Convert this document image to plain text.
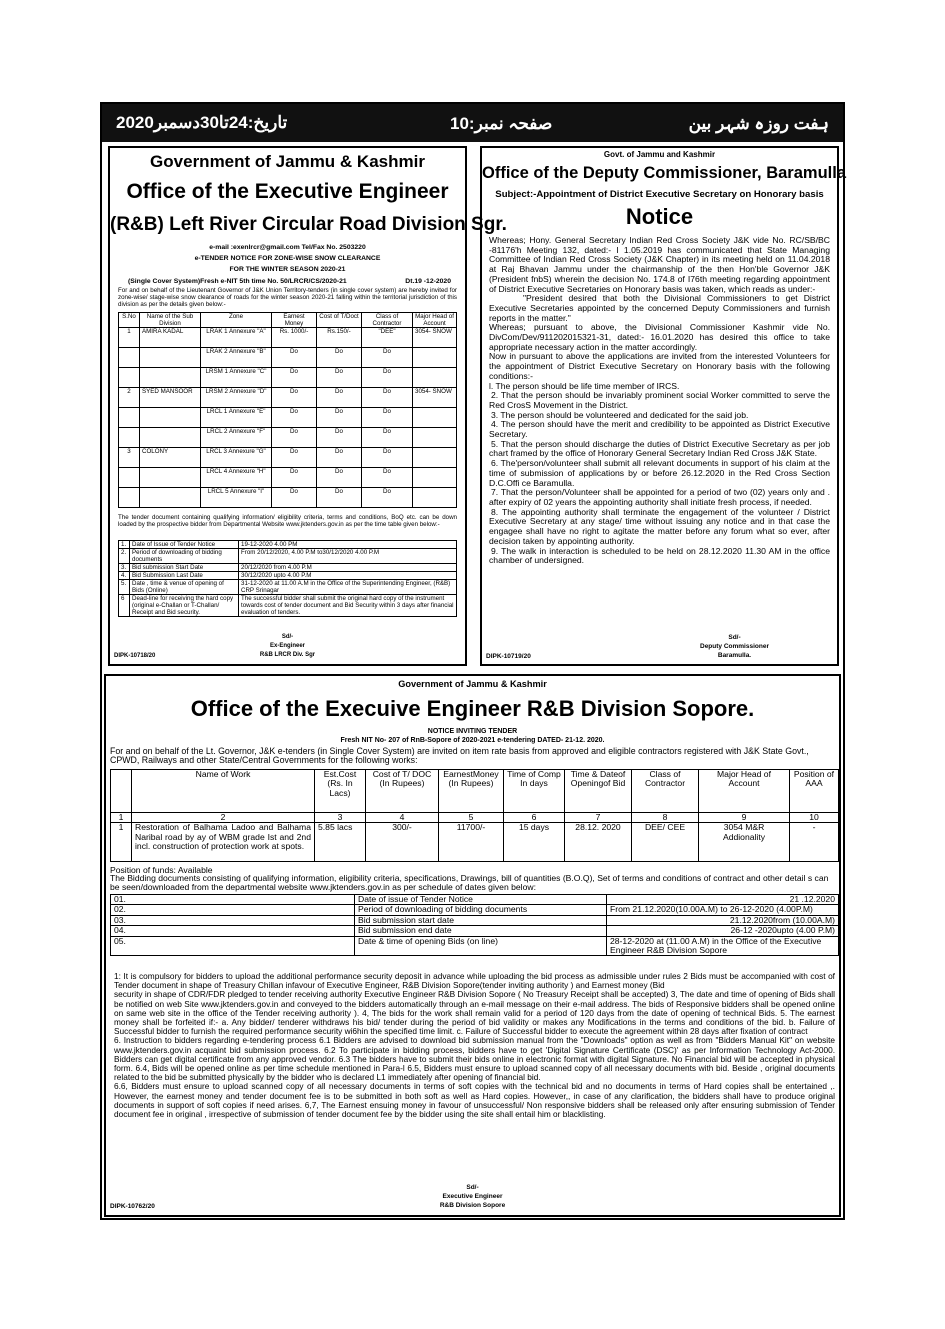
تاریخ:24تا30دسمبر2020	صفحہ نمبر:10	ہفت روزہ شہر بین
Government of Jammu & Kashmir
Office of the Executive Engineer
(R&B) Left River Circular Road Division Sgr.
e-mail :exenlrcr@gmail.com Tel/Fax No. 2503220
e-TENDER NOTICE FOR ZONE-WISE SNOW CLEARANCE
FOR THE WINTER SEASON 2020-21
(Single Cover System)Fresh e-NIT 5th time No. 50/LRCR/CS/2020-21	Dt.19 -12-2020
For and on behalf of the Lieutenant Governor of J&K Union Territory-tenders (in single cover system) are hereby invited for zone-wise/ stage-wise snow clearance of roads for the winter season 2020-21 falling within the territorial jurisdiction of this division as per the details given below:-
S.No	Name of the Sub Division	Zone	Earnest Money	Cost of T/Doct	Class of Contractor	Major Head of Account
1	AMIRA KADAL	LRAK 1 Annexure "A"	Rs. 1000/-	Rs.150/-	"DEE"	3054- SNOW
		LRAK 2 Annexure "B"	Do	Do	Do	
		LRSM 1 Annexure "C"	Do	Do	Do	
2	SYED MANSOOR	LRSM 2 Annexure "D"	Do	Do	Do	3054- SNOW
		LRCL 1 Annexure "E"	Do	Do	Do	
		LRCL 2 Annexure "F"	Do	Do	Do	
3	COLONY	LRCL 3 Annexure "G"	Do	Do	Do	
		LRCL 4 Annexure "H"	Do	Do	Do	
		LRCL 5 Annexure "I"	Do	Do	Do	
The tender document containing qualifying information/ eligibility criteria, terms and conditions, BoQ etc. can be down loaded by the prospective bidder from Departmental Website www.jktenders.gov.in as per the time table given below:-
1.	Date of Issue of Tender Notice	19-12-2020 4.00 PM
2.	Period of downloading of bidding documents	From 20/12/2020, 4.00 P.M to30/12/2020 4.00 P.M
3.	Bid submission Start Date	20/12/2020 from 4.00 P.M
4.	Bid Submission Last Date	30/12/2020 upto 4.00 P.M
5.	Date , time & venue of opening of Bids (Online)	31-12-2020 at 11.00 A.M in the Office of the Superintending Engineer, (R&B) CRP Srinagar
6	Dead-line for receiving the hard copy (original e-Challan or T-Challan/ Receipt and Bid security.	The successful bidder shall submit the original hard copy of the instrument towards cost of tender document and Bid Security within 3 days after financial evaluation of tenders.
Sd/-
Ex-Engineer
R&B LRCR Div. Sgr
DIPK-10718/20
Govt. of Jammu and Kashmir
Office of the Deputy Commissioner, Baramulla
Subject:-Appointment of District Executive Secretary on Honorary basis
Notice

Whereas; Hony. General Secretary Indian Red Cross Society J&K vide No. RC/SB/BC -81176'h Meeting 132, dated:- I 1.05.2019 has communicated that State Managing Committee of Indian Red Cross Society (J&K Chapter) in its meeting held on 11.04.2018 at Raj Bhavan Jammu under the chairmanship of the then Hon'ble Governor J&K (President fnbS) wherein the decision No. 174.8 of I76th meeting regarding appointment of District Executive Secretaries on Honorary basis was taken, which reads as under:-

"President desired that both the Divisional Commissioners to get District Executive Secretaries appointed by the concerned Deputy Commissioners and furnish reports in the matter."

Whereas; pursuant to above, the Divisional Commissioner Kashmir vide No. DivCom/Dev/911202015321-31, dated:- 16.01.2020 has desired this office to take appropriate necessary action in the matter accordingly.

Now in pursuant to above the applications are invited from the interested Volunteers for the appointment of District Executive Secretary on Honorary basis with the following conditions:-

l. The person should be life time member of IRCS.

2. That the person should be invariably prominent social Worker committed to serve the Red CrosS Movement in the District.

3. The person should be volunteered and dedicated for the said job.

4. The person should have the merit and credibility to be appointed as District Executive Secretary.

5. That the person should discharge the duties of District Executive Secretary as per job chart framed by the office of Honorary General Secretary Indian Red Cross J&K State.

6. The'person/volunteer shall submit all relevant documents in support of his claim at the time of submission of applications by or before 26.12.2020 in the Red Cross Section D.C.Offi ce Baramulla.

7. That the person/Volunteer shall be appointed for a period of two (02) years only and . after expiry of 02 years the appointing authority shall initiate fresh process, if needed.

8. The appointing authority shall terminate the engagement of the volunteer / District Executive Secretary at any stage/ time without issuing any notice and in that case the engagee shall have no right to agitate the matter before any forum what so ever, after decision taken by appointing authority.

9. The walk in interaction is scheduled to be held on 28.12.2020 11.30 AM in the office chamber of undersigned.

Sd/-
Deputy Commissioner
Baramulla.
DIPK-10719/20
Government of Jammu & Kashmir
Office of the Execuive Engineer R&B Division Sopore.
NOTICE INVITING TENDER
Fresh NIT No- 207 of RnB-Sopore of 2020-2021 e-tendering DATED- 21-12. 2020.
For and on behalf of the Lt. Governor, J&K e-tenders (in Single Cover System) are invited on item rate basis from approved and eligible contractors registered with J&K State Govt., CPWD, Railways and other State/Central Governments for the following works:
	Name of Work	Est.Cost (Rs. In Lacs)	Cost of T/ DOC (In Rupees)	EarnestMoney (In Rupees)	Time of Comp In days	Time & Dateof Openingof Bid	Class of Contractor	Major Head of Account	Position of AAA
1	2	3	4	5	6	7	8	9	10
1	Restoration of Balhama Ladoo and Balhama Naribal road by ay of WBM grade Ist and 2nd incl. construction of protection work at spots.	5.85 lacs	300/-	11700/-	15 days	28.12. 2020	DEE/ CEE	3054 M&R Addionality	-
Position of funds: Available
The Bidding documents consisting of qualifying information, eligibility criteria, specifications, Drawings, bill of quantities (B.O.Q), Set of terms and conditions of contract and other detail s can be seen/downloaded from the departmental website www.jktenders.gov.in as per schedule of dates given below:
01.	Date of issue of Tender Notice	21 .12.2020
02.	Period of downloading of bidding documents	From 21.12.2020(10.00A.M) to 26-12-2020 (4.00P.M)
03.	Bid submission start date	21.12.2020from (10.00A.M)
04.	Bid submission end date	26-12 -2020upto (4.00 P.M)
05.	Date & time of opening Bids (on line)	28-12-2020 at (11.00 A.M) in the Office of the Executive Engineer R&B Division Sopore

1: It is compulsory for bidders to upload the additional performance security deposit in advance while uploading the bid process as admissible under rules 2 Bids must be accompanied with cost of Tender document in shape of Treasury Chillan infavour of Executive Engineer, R&B Division Sopore(tender inviting authority ) and Earnest money (Bid

security in shape of CDR/FDR pledged to tender receiving authority Executive Engineer R&B Division Sopore ( No Treasury Receipt shall be accepted) 3, The date and time of opening of Bids shall be notified on web Site www.jktenders.gov.in and conveyed to the bidders automatically through an e-mail message on their e-mail address. The bids of Responsive bidders shall be opened online on same web site in the office of the Tender receiving authority ). 4, The bids for the work shall remain valid for a period of 120 days from the date of opening of technical Bids. 5. The earnest money shall be forfeited if:- a. Any bidder/ tenderer withdraws his bid/ tender during the period of bid validity or makes any Modifications in the terms and conditions of the bid. b. Failure of Successful bidder to furnish the required performance security wi6hin the specified time limit. c. Failure of Successful bidder to execute the agreement within 28 days after fixation of contract

6. Instruction to bidders regarding e-tendering process 6.1 Bidders are advised to download bid submission manual from the "Downloads" option as well as from "Bidders Manual Kit" on website www.jktenders.gov.in acquaint bid submission process. 6.2 To participate in bidding process, bidders have to get 'Digital Signature Certificate (DSC)' as per Information Technology Act-2000. Bidders can get digital certificate from any approved vendor. 6.3 The bidders have to submit their bids online in electronic format with digital Signature. No Financial bid will be accepted in physical form. 6.4, Bids will be opened online as per time schedule mentioned in Para-l 6.5, Bidders must ensure to upload scanned copy of all necessary documents with bid. Beside , original documents related to the bid be submitted physically by the bidder who is declared L1 immediately after opening of financial bid.

6.6, Bidders must ensure to upload scanned copy of all necessary documents in terms of soft copies with the technical bid and no documents in terms of Hard copies shall be entertained ,. However, the earnest money and tender document fee is to be submitted in both soft as well as Hard copies. However,, in case of any clarification, the bidders shall have to produce original documents in support of soft copies if need arises. 6,7, The Earnest ensuing money in favour of unsuccessful/ Non responsive bidders shall be released only after ensuring submission of Tender document fee in original , irrespective of submission of tender document fee by the bidder using the site shall entail him or blacklisting.

Sd/-
Executive Engineer
R&B Division Sopore
DIPK-10762/20
